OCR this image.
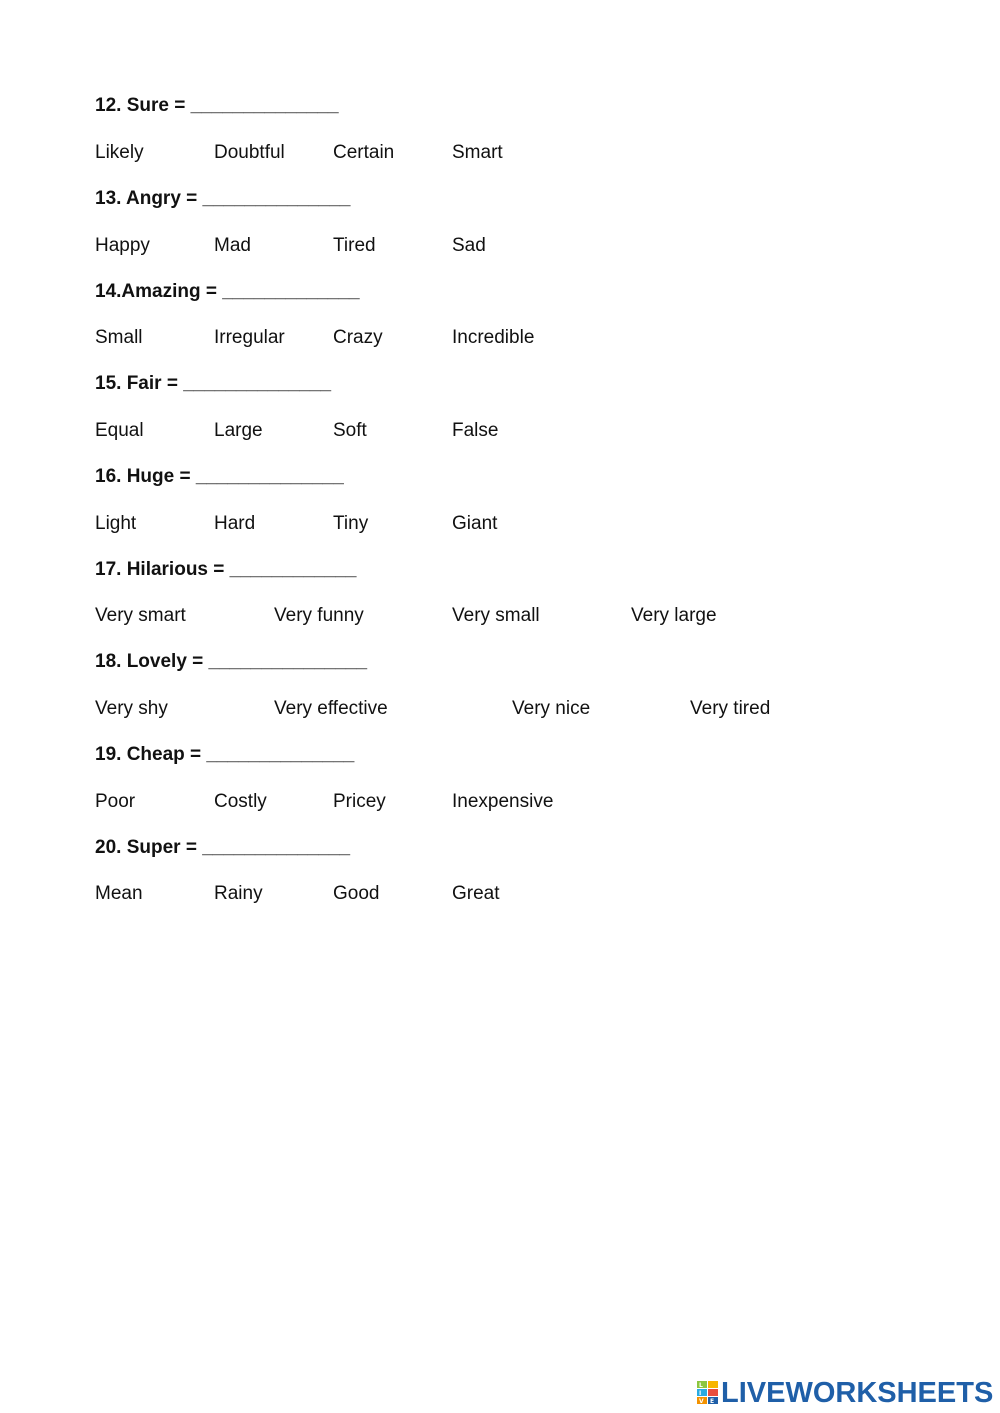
12. Sure = ______________
Likely	Doubtful	Certain	Smart
13. Angry = ______________
Happy	Mad	Tired	Sad
14.Amazing = _____________
Small	Irregular	Crazy	Incredible
15. Fair = ______________
Equal	Large	Soft	False
16. Huge = ______________
Light	Hard	Tiny	Giant
17. Hilarious = ____________
Very smart	Very funny	Very small	Very large
18. Lovely = _______________
Very shy	Very effective	Very nice	Very tired
19. Cheap = ______________
Poor	Costly	Pricey	Inexpensive
20. Super = ______________
Mean	Rainy	Good	Great
L
I
V E LIVEWORKSHEETS
